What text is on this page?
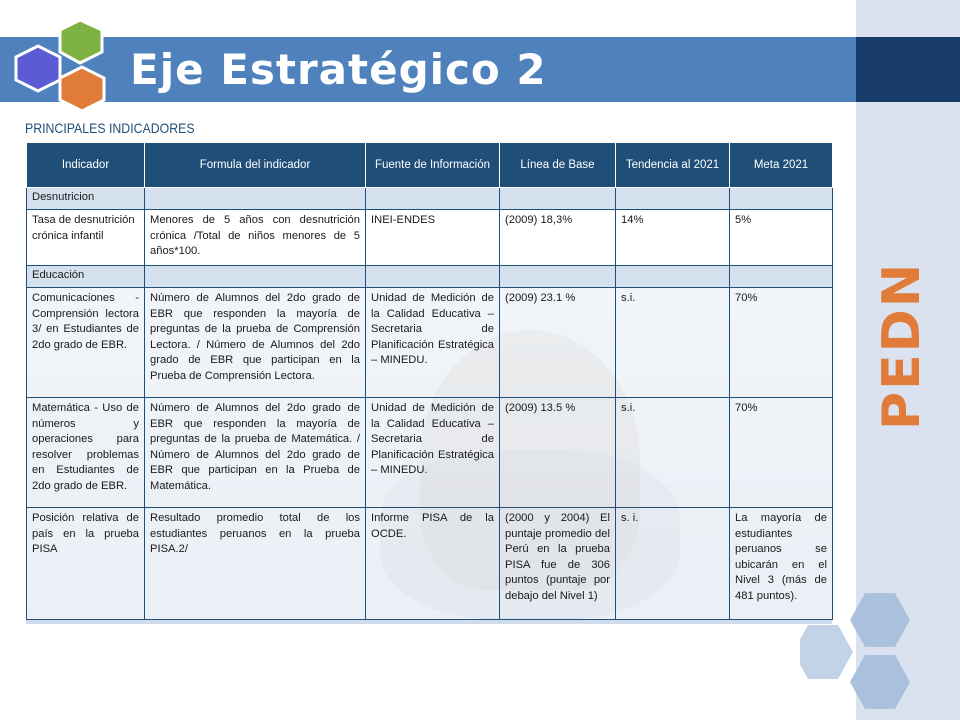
Eje Estratégico 2
PRINCIPALES INDICADORES
PEDN
Indicador	Formula del indicador	Fuente de Información	Línea de Base	Tendencia al 2021	Meta 2021
Desnutricion					
Tasa de desnutrición crónica infantil	Menores de 5 años con desnutrición crónica /Total de niños menores de 5 años*100.	INEI-ENDES	(2009) 18,3%	14%	5%
Educación					
Comunicaciones - Comprensión lectora 3/ en Estudiantes de 2do grado de EBR.	Número de Alumnos del 2do grado de EBR que responden la mayoría de preguntas de la prueba de Comprensión Lectora. / Número de Alumnos del 2do grado de EBR que participan en la Prueba de Comprensión Lectora.	Unidad de Medición de la Calidad Educativa – Secretaria de Planificación Estratégica – MINEDU.	(2009) 23.1 %	s.i.	70%
Matemática - Uso de números y operaciones para resolver problemas en Estudiantes de 2do grado de EBR.	Número de Alumnos del 2do grado de EBR que responden la mayoría de preguntas de la prueba de Matemática. / Número de Alumnos del 2do grado de EBR que participan en la Prueba de Matemática.	Unidad de Medición de la Calidad Educativa – Secretaria de Planificación Estratégica – MINEDU.	(2009) 13.5 %	s.i.	70%
Posición relativa de país en la prueba PISA	Resultado promedio total de los estudiantes peruanos en la prueba PISA.2/	Informe PISA de la OCDE.	(2000 y 2004) El puntaje promedio del Perú en la prueba PISA fue de 306 puntos (puntaje por debajo del Nivel 1)	s. i.	La mayoría de estudiantes peruanos se ubicarán en el Nivel 3 (más de 481 puntos).
